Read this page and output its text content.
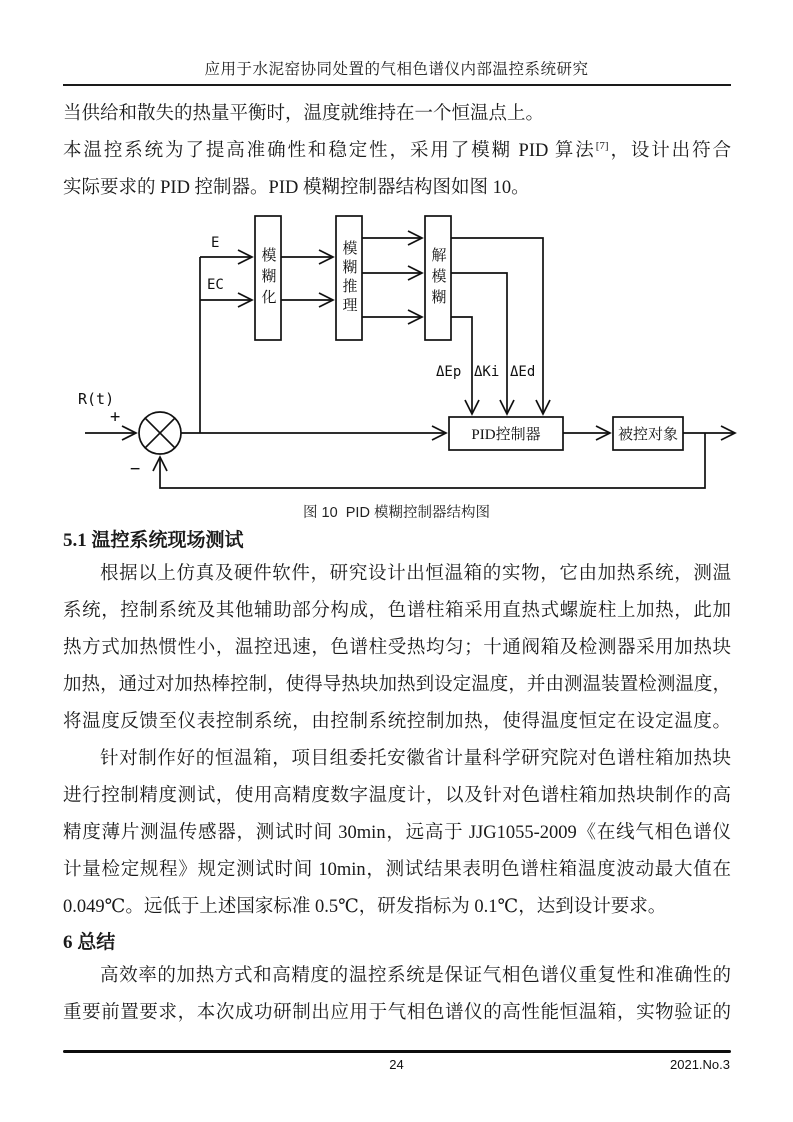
应用于水泥窑协同处置的气相色谱仪内部温控系统研究
当供给和散失的热量平衡时，温度就维持在一个恒温点上。
本温控系统为了提高准确性和稳定性，采用了模糊 PID 算法[7]，设计出符合
实际要求的 PID 控制器。PID 模糊控制器结构图如图 10。
R(t)
+
−
E
EC	模糊化	模糊推理	解模糊
ΔEp ΔKi ΔEd
PID控制器	被控对象
图 10  PID 模糊控制器结构图
5.1 温控系统现场测试
根据以上仿真及硬件软件，研究设计出恒温箱的实物，它由加热系统，测温
系统，控制系统及其他辅助部分构成，色谱柱箱采用直热式螺旋柱上加热，此加
热方式加热惯性小，温控迅速，色谱柱受热均匀；十通阀箱及检测器采用加热块
加热，通过对加热棒控制，使得导热块加热到设定温度，并由测温装置检测温度，
将温度反馈至仪表控制系统，由控制系统控制加热，使得温度恒定在设定温度。
针对制作好的恒温箱，项目组委托安徽省计量科学研究院对色谱柱箱加热块
进行控制精度测试，使用高精度数字温度计，以及针对色谱柱箱加热块制作的高
精度薄片测温传感器，测试时间 30min，远高于 JJG1055-2009《在线气相色谱仪
计量检定规程》规定测试时间 10min，测试结果表明色谱柱箱温度波动最大值在
0.049℃。远低于上述国家标准 0.5℃，研发指标为 0.1℃，达到设计要求。
6 总结
高效率的加热方式和高精度的温控系统是保证气相色谱仪重复性和准确性的
重要前置要求，本次成功研制出应用于气相色谱仪的高性能恒温箱，实物验证的
24	2021.No.3
